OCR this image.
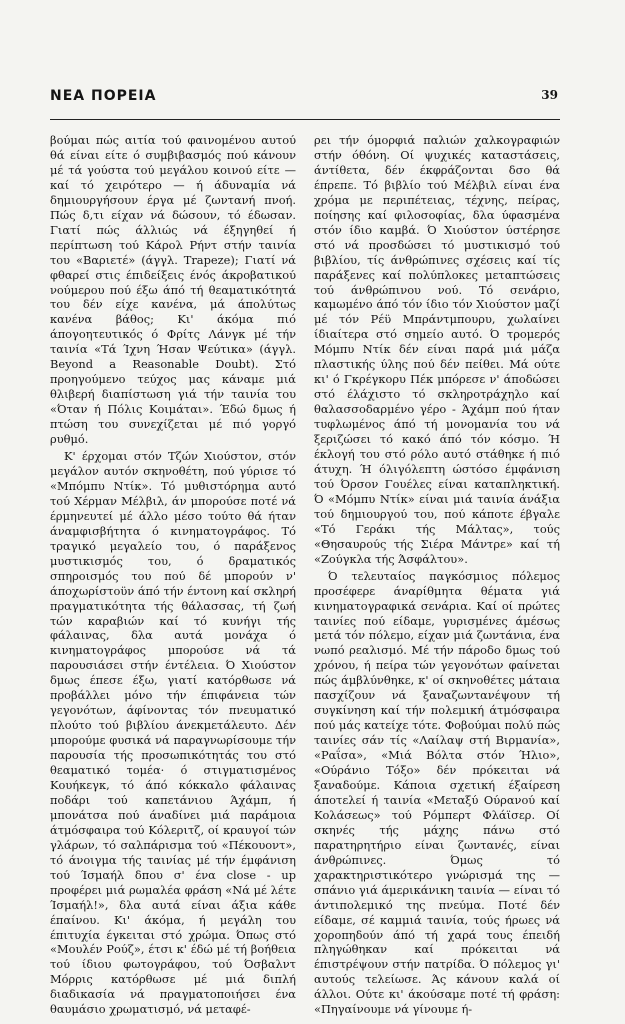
ΝΕΑ ΠΟΡΕΙΑ	39

βούμαι πώς αιτία τού φαινομένου αυτού θά είναι είτε ό συμβιβασμός πού κάνουν μέ τά γούστα τού μεγάλου κοινού είτε — καί τό χειρότερο — ή άδυναμία νά δημιουργήσουν έργα μέ ζωντανή πνοή. Πώς δ,τι είχαν νά δώσουν, τό έδωσαν. Γιατί πώς άλλιώς νά έξηγηθεί ή περίπτωση τού Κάρολ Ρήντ στήν ταινία του «Βαριετέ» (άγγλ. Trapeze); Γιατί νά φθαρεί στις έπιδείξεις ένός άκροβατικού νούμερου πού έξω άπό τή θεαματικότητά του δέν είχε κανένα, μά άπολύτως κανένα βάθος; Κι' άκόμα πιό άπογοητευτικός ό Φρίτς Λάνγκ μέ τήν ταινία «Τά Ίχνη Ήσαν Ψεύτικα» (άγγλ. Beyond a Reasonable Doubt). Στό προηγούμενο τεύχος μας κάναμε μιά θλιβερή διαπίστωση γιά τήν ταινία του «Όταν ή Πόλις Κοιμάται». Έδώ δμως ή πτώση του συνεχίζεται μέ πιό γοργό ρυθμό.

Κ' έρχομαι στόν Τζών Χιούστον, στόν μεγάλον αυτόν σκηνοθέτη, πού γύρισε τό «Μπόμπυ Ντίκ». Τό μυθιστόρημα αυτό τού Χέρμαν Μέλβιλ, άν μπορούσε ποτέ νά έρμηνευτεί μέ άλλο μέσο τούτο θά ήταν άναμφισβήτητα ό κινηματογράφος. Τό τραγικό μεγαλείο του, ό παράξενος μυστικισμός του, ό δραματικός σπηροισμός του πού δέ μπορούν ν' άποχωρίστοϋν άπό τήν έντονη καί σκληρή πραγματικότητα τής θάλασσας, τή ζωή τών καραβιών καί τό κυνήγι τής φάλαινας, δλα αυτά μονάχα ό κινηματογράφος μπορούσε νά τά παρουσιάσει στήν έντέλεια. Ό Χιούστον δμως έπεσε έξω, γιατί κατόρθωσε νά προβάλλει μόνο τήν έπιφάνεια τών γεγονότων, άφίνοντας τόν πνευματικό πλούτο τού βιβλίου άνεκμετάλευτο. Δέν μπορούμε φυσικά νά παραγνωρίσουμε τήν παρουσία τής προσωπικότητάς του στό θεαματικό τομέα· ό στιγματισμένος Κουήκεγκ, τό άπό κόκκαλο φάλαινας ποδάρι τού καπετάνιου Άχάμπ, ή μπονάτσα πού άναδίνει μιά παράμοια άτμόσφαιρα τού Κόλεριτζ, οί κραυγοί τών γλάρων, τό σαλπάρισμα τού «Πέκουοντ», τό άνοιγμα τής ταινίας μέ τήν έμφάνιση τού Ίσμαήλ δπου σ' ένα close - up προφέρει μιά ρωμαλέα φράση «Νά μέ λέτε Ίσμαήλ!», δλα αυτά είναι άξια κάθε έπαίνου. Κι' άκόμα, ή μεγάλη του έπιτυχία έγκειται στό χρώμα. Όπως στό «Μουλέν Ρούζ», έτσι κ' έδώ μέ τή βοήθεια τού ίδιου φωτογράφου, τού Όσβαλντ Μόρρις κατόρθωσε μέ μιά διπλή διαδικασία νά πραγματοποιήσει ένα θαυμάσιο χρωματισμό, νά μεταφέ-

ρει τήν όμορφιά παλιών χαλκογραφιών στήν όθόνη. Οί ψυχικές καταστάσεις, άντίθετα, δέν έκφράζονται δσο θά έπρεπε. Τό βιβλίο τού Μέλβιλ είναι ένα χρόμα με περιπέτειας, τέχνης, πείρας, ποίησης καί φιλοσοφίας, δλα ύφασμένα στόν ίδιο καμβά. Ό Χιούστον ύστέρησε στό νά προσδώσει τό μυστικισμό τού βιβλίου, τίς άνθρώπινες σχέσεις καί τίς παράξενες καί πολύπλοκες μεταπτώσεις τού άνθρώπινου νού. Τό σενάριο, καμωμένο άπό τόν ίδιο τόν Χιούστον μαζί μέ τόν Ρέϋ Μπράντμπουρυ, χωλαίνει ίδιαίτερα στό σημείο αυτό. Ό τρομερός Μόμπυ Ντίκ δέν είναι παρά μιά μάζα πλαστικής ύλης πού δέν πείθει. Μά ούτε κι' ό Γκρέγκορυ Πέκ μπόρεσε ν' άποδώσει στό έλάχιστο τό σκληροτράχηλο καί θαλασσοδαρμένο γέρο - Άχάμπ πού ήταν τυφλωμένος άπό τή μονομανία του νά ξεριζώσει τό κακό άπό τόν κόσμο. Ή έκλογή του στό ρόλο αυτό στάθηκε ή πιό άτυχη. Ή όλιγόλεπτη ώστόσο έμφάνιση τού Όρσον Γουέλες είναι καταπληκτική. Ό «Μόμπυ Ντίκ» είναι μιά ταινία άνάξια τού δημιουργού του, πού κάποτε έβγαλε «Τό Γεράκι τής Μάλτας», τούς «Θησαυρούς τής Σιέρα Μάντρε» καί τή «Ζούγκλα τής Άσφάλτου».

Ό τελευταίος παγκόσμιος πόλεμος προσέφερε άναρίθμητα θέματα γιά κινηματογραφικά σενάρια. Καί οί πρώτες ταινίες πού είδαμε, γυρισμένες άμέσως μετά τόν πόλεμο, είχαν μιά ζωντάνια, ένα νωπό ρεαλισμό. Μέ τήν πάροδο δμως τού χρόνου, ή πείρα τών γεγονότων φαίνεται πώς άμβλύνθηκε, κ' οί σκηνοθέτες μάταια πασχίζουν νά ξαναζωντανέψουν τή συγκίνηση καί τήν πολεμική άτμόσφαιρα πού μάς κατείχε τότε. Φοβούμαι πολύ πώς ταινίες σάν τίς «Λαίλαψ στή Βιρμανία», «Ραΐσα», «Μιά Βόλτα στόν Ήλιο», «Ούράνιο Τόξο» δέν πρόκειται νά ξαναδούμε. Κάποια σχετική έξαίρεση άποτελεί ή ταινία «Μεταξύ Ούρανού καί Κολάσεως» τού Ρόμπερτ Φλάϊσερ. Οί σκηνές τής μάχης πάνω στό παρατηρητήριο είναι ζωντανές, είναι άνθρώπινες. Όμως τό χαρακτηριστικότερο γνώρισμά της — σπάνιο γιά άμερικάνικη ταινία — είναι τό άντιπολεμικό της πνεύμα. Ποτέ δέν είδαμε, σέ καμμιά ταινία, τούς ήρωες νά χοροπηδούν άπό τή χαρά τους έπειδή πληγώθηκαν καί πρόκειται νά έπιστρέψουν στήν πατρίδα. Ό πόλεμος γι' αυτούς τελείωσε. Άς κάνουν καλά οί άλλοι. Ούτε κι' άκούσαμε ποτέ τή φράση: «Πηγαίνουμε νά γίνουμε ή-
